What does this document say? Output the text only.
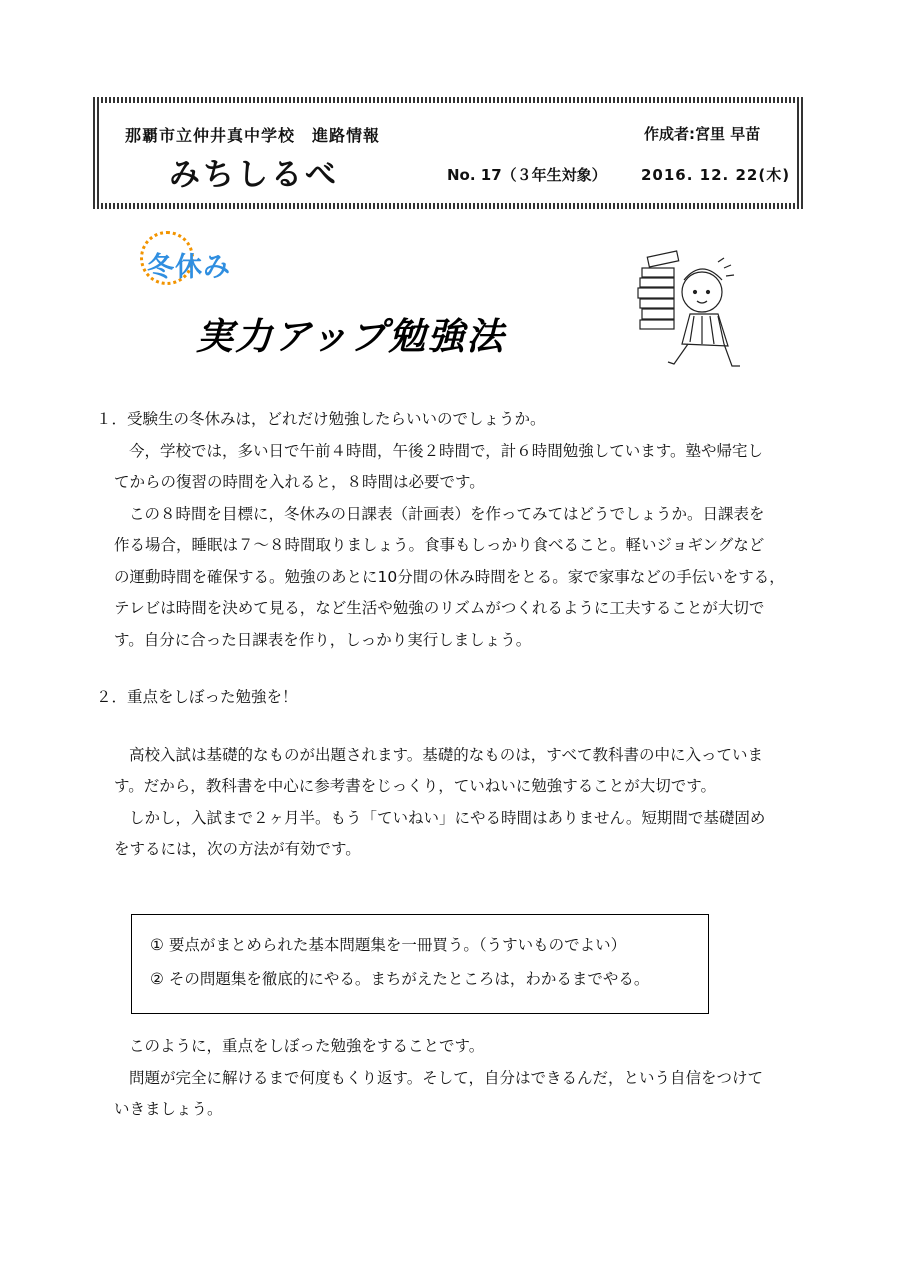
那覇市立仲井真中学校　進路情報
みちしるべ
作成者:宮里 早苗
No. 17（３年生対象） 2016. 12. 22(木)
冬休み
実力アップ勉強法
１．受験生の冬休みは，どれだけ勉強したらいいのでしょうか。
今，学校では，多い日で午前４時間，午後２時間で，計６時間勉強しています。塾や帰宅し
てからの復習の時間を入れると，８時間は必要です。
この８時間を目標に，冬休みの日課表（計画表）を作ってみてはどうでしょうか。日課表を
作る場合，睡眠は７～８時間取りましょう。食事もしっかり食べること。軽いジョギングなど
の運動時間を確保する。勉強のあとに10分間の休み時間をとる。家で家事などの手伝いをする，
テレビは時間を決めて見る，など生活や勉強のリズムがつくれるように工夫することが大切で
す。自分に合った日課表を作り，しっかり実行しましょう。
２．重点をしぼった勉強を！
高校入試は基礎的なものが出題されます。基礎的なものは，すべて教科書の中に入っていま
す。だから，教科書を中心に参考書をじっくり，ていねいに勉強することが大切です。
しかし，入試まで２ヶ月半。もう「ていねい」にやる時間はありません。短期間で基礎固め
をするには，次の方法が有効です。
① 要点がまとめられた基本問題集を一冊買う。（うすいものでよい）
② その問題集を徹底的にやる。まちがえたところは，わかるまでやる。
このように，重点をしぼった勉強をすることです。
問題が完全に解けるまで何度もくり返す。そして，自分はできるんだ，という自信をつけて
いきましょう。
